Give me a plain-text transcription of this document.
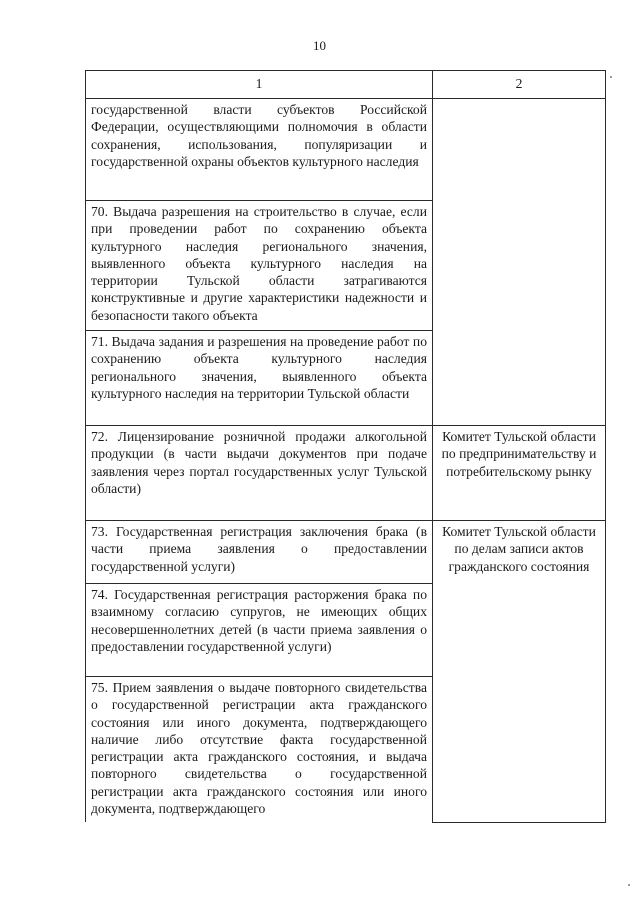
10
1	2
государственной власти субъектов Российской Федерации, осуществляющими полномочия в области сохранения, использования, популяризации и государственной охраны объектов культурного наследия	
70. Выдача разрешения на строительство в случае, если при проведении работ по сохранению объекта культурного наследия регионального значения, выявленного объекта культурного наследия на территории Тульской области затрагиваются конструктивные и другие характеристики надежности и безопасности такого объекта	
71. Выдача задания и разрешения на проведение работ по сохранению объекта культурного наследия регионального значения, выявленного объекта культурного наследия на территории Тульской области	
72. Лицензирование розничной продажи алкогольной продукции (в части выдачи документов при подаче заявления через портал государственных услуг Тульской области)	Комитет Тульской области по предпринимательству и потребительскому рынку
73. Государственная регистрация заключения брака (в части приема заявления о предоставлении государственной услуги)	Комитет Тульской области по делам записи актов гражданского состояния
74. Государственная регистрация расторжения брака по взаимному согласию супругов, не имеющих общих несовершеннолетних детей (в части приема заявления о предоставлении государственной услуги)	
75. Прием заявления о выдаче повторного свидетельства о государственной регистрации акта гражданского состояния или иного документа, подтверждающего наличие либо отсутствие факта государственной регистрации акта гражданского состояния, и выдача повторного свидетельства о государственной регистрации акта гражданского состояния или иного документа, подтверждающего	
